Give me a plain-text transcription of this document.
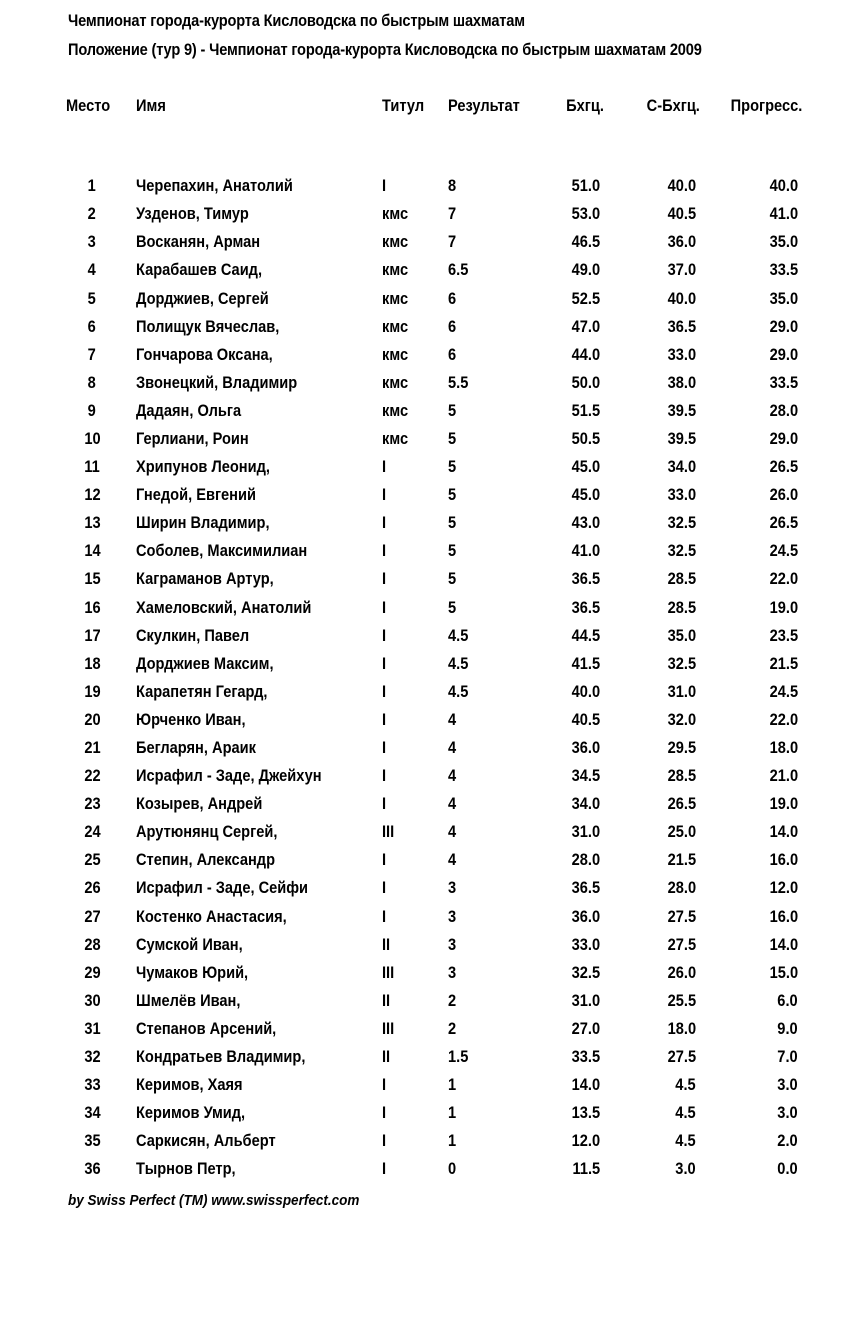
Чемпионат города-курорта Кисловодска по быстрым шахматам
Положение (тур 9) - Чемпионат города-курорта Кисловодска по быстрым шахматам 2009
Место	Имя	Титул	Результат	Бхгц.	С-Бхгц.	Прогресс.

1	Черепахин, Анатолий	I	8	51.0	40.0	40.0
2	Узденов, Тимур	кмс	7	53.0	40.5	41.0
3	Восканян, Арман	кмс	7	46.5	36.0	35.0
4	Карабашев Саид,	кмс	6.5	49.0	37.0	33.5
5	Дорджиев, Сергей	кмс	6	52.5	40.0	35.0
6	Полищук Вячеслав,	кмс	6	47.0	36.5	29.0
7	Гончарова Оксана,	кмс	6	44.0	33.0	29.0
8	Звонецкий, Владимир	кмс	5.5	50.0	38.0	33.5
9	Дадаян, Ольга	кмс	5	51.5	39.5	28.0
10	Герлиани, Роин	кмс	5	50.5	39.5	29.0
11	Хрипунов Леонид,	I	5	45.0	34.0	26.5
12	Гнедой, Евгений	I	5	45.0	33.0	26.0
13	Ширин Владимир,	I	5	43.0	32.5	26.5
14	Соболев, Максимилиан	I	5	41.0	32.5	24.5
15	Каграманов Артур,	I	5	36.5	28.5	22.0
16	Хамеловский, Анатолий	I	5	36.5	28.5	19.0
17	Скулкин, Павел	I	4.5	44.5	35.0	23.5
18	Дорджиев Максим,	I	4.5	41.5	32.5	21.5
19	Карапетян Гегард,	I	4.5	40.0	31.0	24.5
20	Юрченко Иван,	I	4	40.5	32.0	22.0
21	Бегларян, Араик	I	4	36.0	29.5	18.0
22	Исрафил - Заде, Джейхун	I	4	34.5	28.5	21.0
23	Козырев, Андрей	I	4	34.0	26.5	19.0
24	Арутюнянц Сергей,	III	4	31.0	25.0	14.0
25	Степин, Александр	I	4	28.0	21.5	16.0
26	Исрафил - Заде, Сейфи	I	3	36.5	28.0	12.0
27	Костенко Анастасия,	I	3	36.0	27.5	16.0
28	Сумской Иван,	II	3	33.0	27.5	14.0
29	Чумаков Юрий,	III	3	32.5	26.0	15.0
30	Шмелёв Иван,	II	2	31.0	25.5	6.0
31	Степанов Арсений,	III	2	27.0	18.0	9.0
32	Кондратьев Владимир,	II	1.5	33.5	27.5	7.0
33	Керимов, Хаяя	I	1	14.0	4.5	3.0
34	Керимов Умид,	I	1	13.5	4.5	3.0
35	Саркисян, Альберт	I	1	12.0	4.5	2.0
36	Тырнов Петр,	I	0	11.5	3.0	0.0
by Swiss Perfect (TM) www.swissperfect.com
